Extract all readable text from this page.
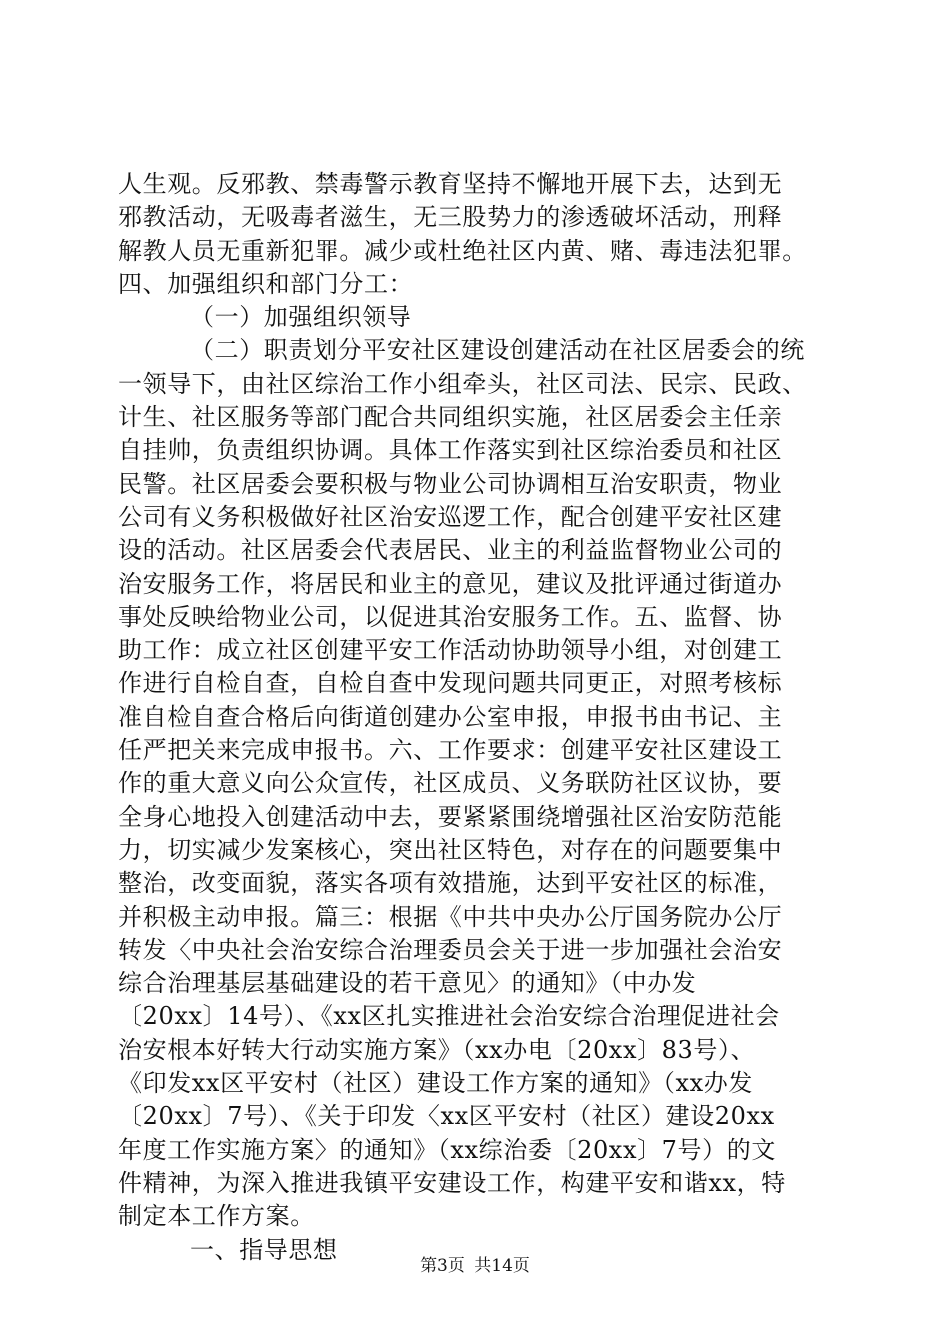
人生观。反邪教、禁毒警示教育坚持不懈地开展下去，达到无
邪教活动，无吸毒者滋生，无三股势力的渗透破坏活动，刑释
解教人员无重新犯罪。减少或杜绝社区内黄、赌、毒违法犯罪。
四、加强组织和部门分工：
（一）加强组织领导
（二）职责划分平安社区建设创建活动在社区居委会的统
一领导下，由社区综治工作小组牵头，社区司法、民宗、民政、
计生、社区服务等部门配合共同组织实施，社区居委会主任亲
自挂帅，负责组织协调。具体工作落实到社区综治委员和社区
民警。社区居委会要积极与物业公司协调相互治安职责，物业
公司有义务积极做好社区治安巡逻工作，配合创建平安社区建
设的活动。社区居委会代表居民、业主的利益监督物业公司的
治安服务工作，将居民和业主的意见，建议及批评通过街道办
事处反映给物业公司，以促进其治安服务工作。五、监督、协
助工作：成立社区创建平安工作活动协助领导小组，对创建工
作进行自检自查，自检自查中发现问题共同更正，对照考核标
准自检自查合格后向街道创建办公室申报，申报书由书记、主
任严把关来完成申报书。六、工作要求：创建平安社区建设工
作的重大意义向公众宣传，社区成员、义务联防社区议协，要
全身心地投入创建活动中去，要紧紧围绕增强社区治安防范能
力，切实减少发案核心，突出社区特色，对存在的问题要集中
整治，改变面貌，落实各项有效措施，达到平安社区的标准，
并积极主动申报。篇三：根据《中共中央办公厅国务院办公厅
转发〈中央社会治安综合治理委员会关于进一步加强社会治安
综合治理基层基础建设的若干意见〉的通知》（中办发
〔20xx〕14号）、《xx区扎实推进社会治安综合治理促进社会
治安根本好转大行动实施方案》（xx办电〔20xx〕83号）、
《印发xx区平安村（社区）建设工作方案的通知》（xx办发
〔20xx〕7号）、《关于印发〈xx区平安村（社区）建设20xx
年度工作实施方案〉的通知》（xx综治委〔20xx〕7号）的文
件精神，为深入推进我镇平安建设工作，构建平安和谐xx，特
制定本工作方案。
一、指导思想
第3页 共14页
